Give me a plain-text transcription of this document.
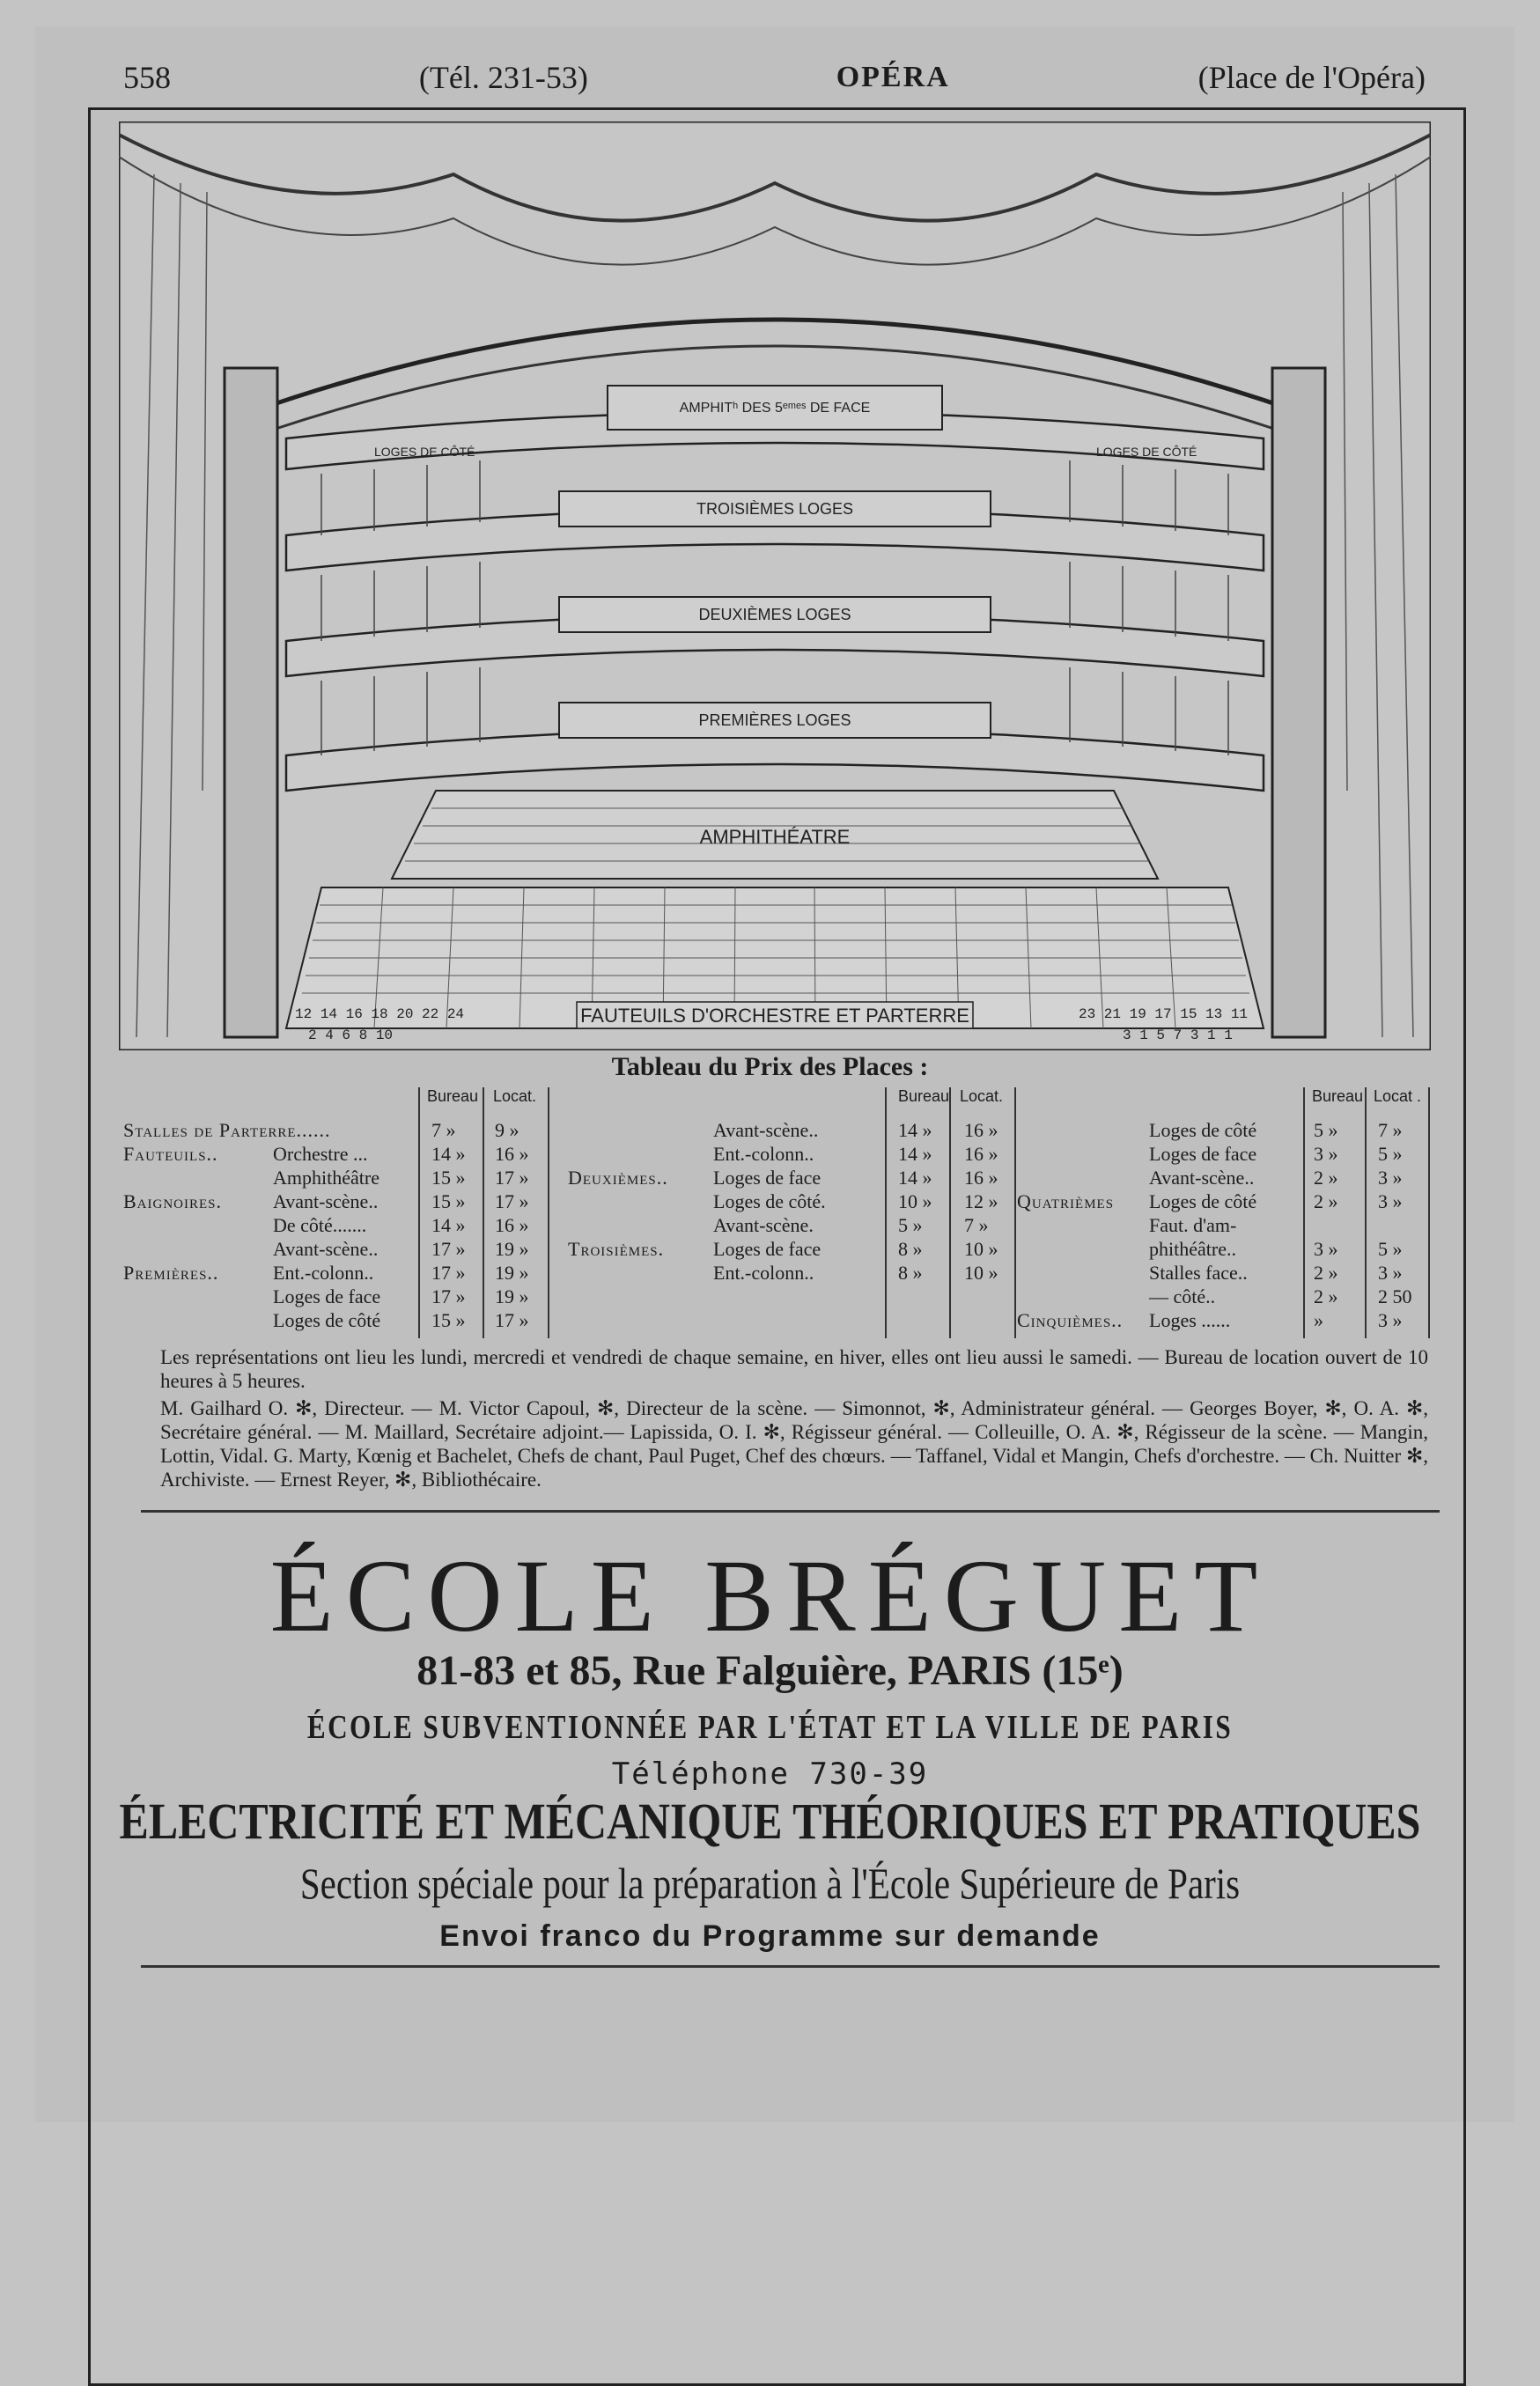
558	(Tél. 231-53)	OPÉRA	(Place de l'Opéra)
AMPHITʰ DES 5ᵉᵐᵉˢ DE FACE
TROISIÈMES LOGES
DEUXIÈMES LOGES
PREMIÈRES LOGES
LOGES DE CÔTÉ	LOGES DE CÔTÉ
AMPHITHÉATRE
FAUTEUILS D'ORCHESTRE ET PARTERRE
12 14 16 18 20 22 24
2 4 6 8 10
23 21 19 17 15 13 11
3 1 5 7 3 1 1
Tableau du Prix des Places :
Bureau Locat.	Bureau Locat.	Bureau Locat .
Stalles de Parterre......	7 » 9 »
Fauteuils..	Orchestre ...	14 » 16 »
Amphithéâtre	15 » 17 »
Baignoires.	Avant-scène..	15 » 17 »
De côté.......	14 » 16 »
Avant-scène..	17 » 19 »
Premières..	Ent.-colonn..	17 » 19 »
Loges de face	17 » 19 »
Loges de côté	15 » 17 »
Avant-scène..	14 » 16 »
Ent.-colonn..	14 » 16 »
Deuxièmes.. Loges de face	14 » 16 »
Loges de côté.	10 » 12 »
Avant-scène.	5 » 7 »
Troisièmes.	Loges de face	8 » 10 »
Ent.-colonn..	8 » 10 »
Loges de côté	5 » 7 »
Loges de face	3 » 5 »
Avant-scène..	2 » 3 »
Quatrièmes Loges de côté	2 » 3 »
Faut. d'am-
phithéâtre..	3 » 5 »
Stalles face..	2 » 3 »
— côté..	2 » 2 50
Cinquièmes.. Loges ......	»	3 »

Les représentations ont lieu les lundi, mercredi et vendredi de chaque semaine, en hiver, elles ont lieu aussi le samedi. — Bureau de location ouvert de 10 heures à 5 heures.

M. Gailhard O. ✻, Directeur. — M. Victor Capoul, ✻, Directeur de la scène. — Simonnot, ✻, Administrateur général. — Georges Boyer, ✻, O. A. ✻, Secrétaire général. — M. Maillard, Secrétaire adjoint.— Lapissida, O. I. ✻, Régisseur général. — Colleuille, O. A. ✻, Régisseur de la scène. — Mangin, Lottin, Vidal. G. Marty, Kœnig et Bachelet, Chefs de chant, Paul Puget, Chef des chœurs. — Taffanel, Vidal et Mangin, Chefs d'orchestre. — Ch. Nuitter ✻, Archiviste. — Ernest Reyer, ✻, Bibliothécaire.

ÉCOLE BRÉGUET
81-83 et 85, Rue Falguière, PARIS (15ᵉ)
ÉCOLE SUBVENTIONNÉE PAR L'ÉTAT ET LA VILLE DE PARIS
Téléphone 730-39
ÉLECTRICITÉ ET MÉCANIQUE THÉORIQUES ET PRATIQUES
Section spéciale pour la préparation à l'École Supérieure de Paris
Envoi franco du Programme sur demande
